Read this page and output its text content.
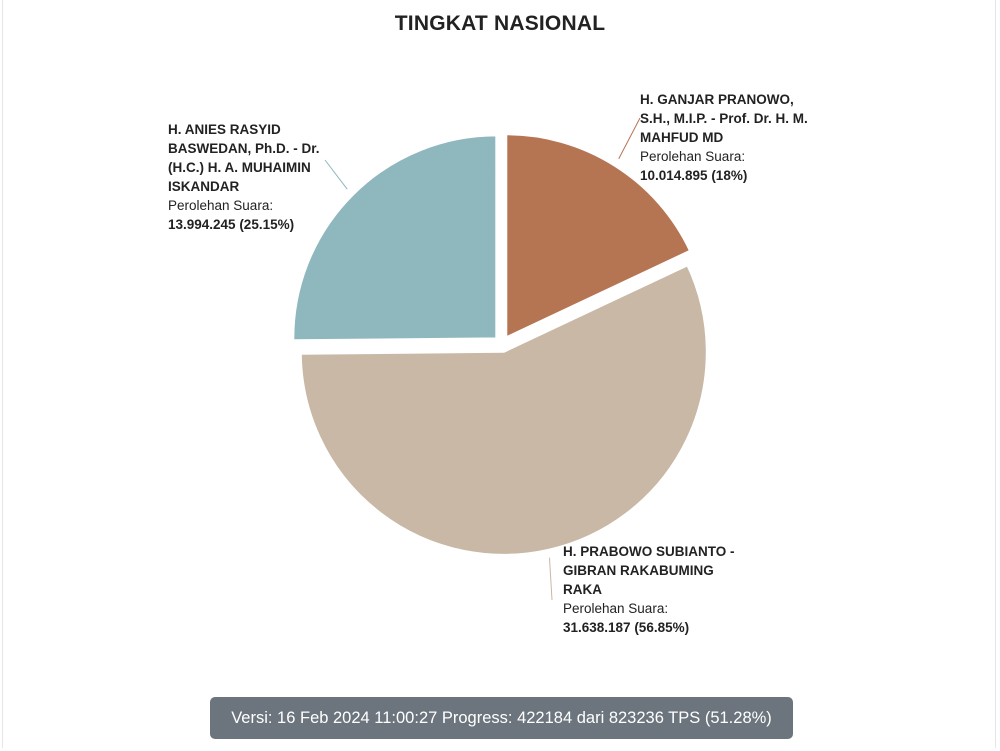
TINGKAT NASIONAL
H. GANJAR PRANOWO,
S.H., M.I.P. - Prof. Dr. H. M.
MAHFUD MD
Perolehan Suara:
10.014.895 (18%)
H. PRABOWO SUBIANTO -
GIBRAN RAKABUMING
RAKA
Perolehan Suara:
31.638.187 (56.85%)
H. ANIES RASYID
BASWEDAN, Ph.D. - Dr.
(H.C.) H. A. MUHAIMIN
ISKANDAR
Perolehan Suara:
13.994.245 (25.15%)
Versi: 16 Feb 2024 11:00:27 Progress: 422184 dari 823236 TPS (51.28%)
